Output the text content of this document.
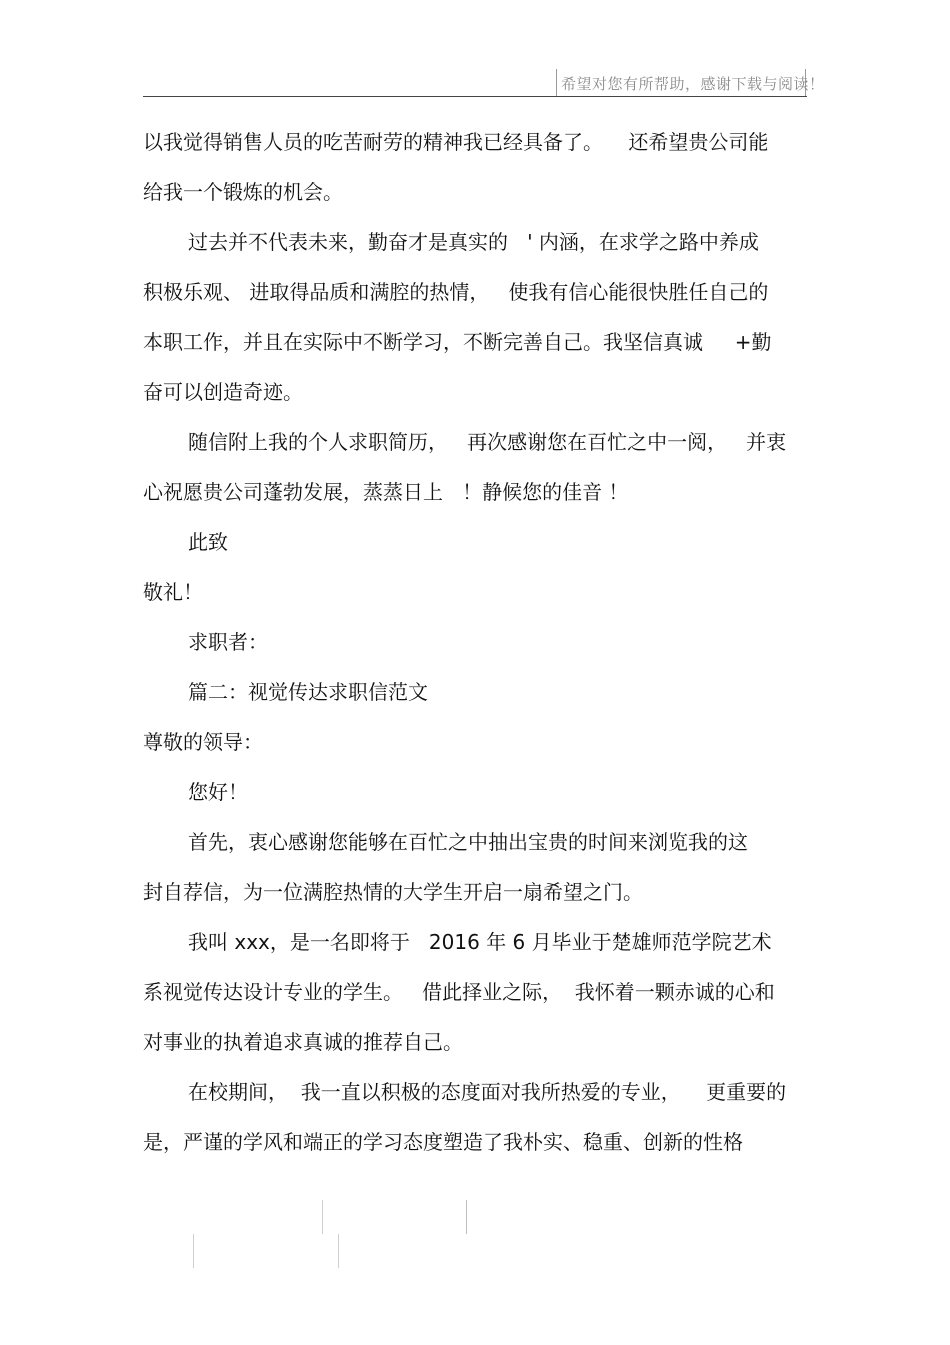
希望对您有所帮助，感谢下载与阅读！
以我觉得销售人员的吃苦耐劳的精神我已经具备了。    还希望贵公司能
给我一个锻炼的机会。
过去并不代表未来，勤奋才是真实的   ' 内涵，在求学之路中养成
积极乐观、 进取得品质和满腔的热情，   使我有信心能很快胜任自己的
本职工作，并且在实际中不断学习，不断完善自己。我坚信真诚     +勤
奋可以创造奇迹。
随信附上我的个人求职简历，   再次感谢您在百忙之中一阅，   并衷
心祝愿贵公司蓬勃发展，蒸蒸日上   ！静候您的佳音 ！
此致
敬礼！
求职者：
篇二：视觉传达求职信范文
尊敬的领导：
您好！
首先，衷心感谢您能够在百忙之中抽出宝贵的时间来浏览我的这
封自荐信，为一位满腔热情的大学生开启一扇希望之门。
我叫 xxx，是一名即将于   2016 年 6 月毕业于楚雄师范学院艺术
系视觉传达设计专业的学生。   借此择业之际，  我怀着一颗赤诚的心和
对事业的执着追求真诚的推荐自己。
在校期间，  我一直以积极的态度面对我所热爱的专业，    更重要的
是，严谨的学风和端正的学习态度塑造了我朴实、稳重、创新的性格
